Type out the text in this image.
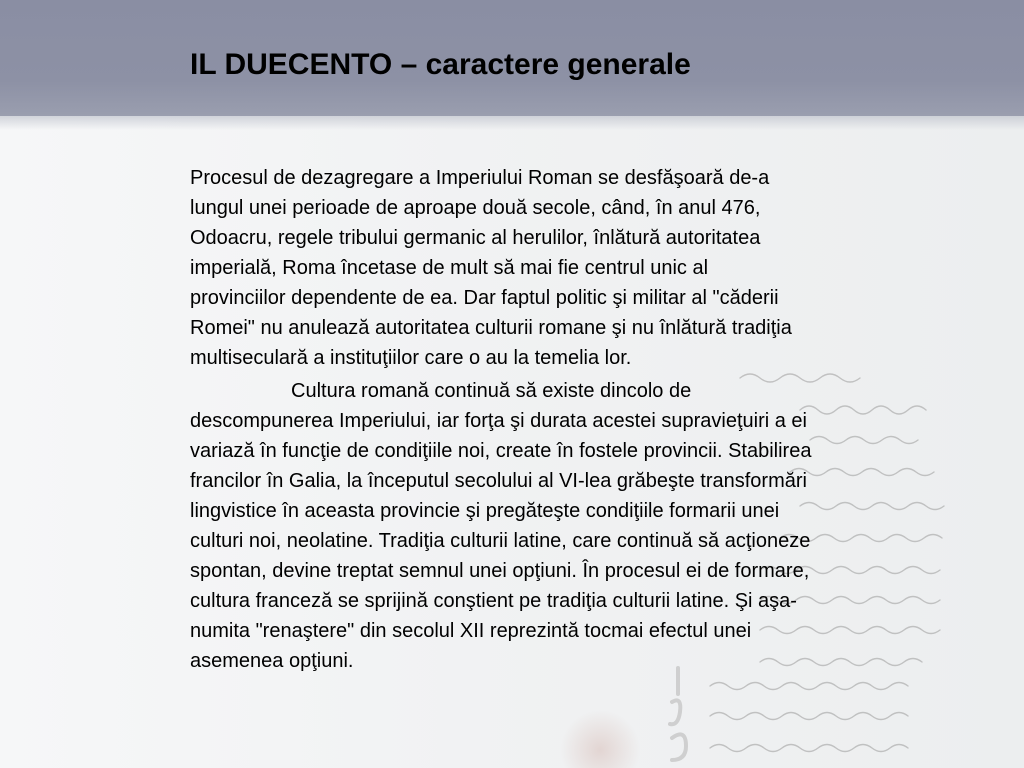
IL DUECENTO – caractere generale

Procesul de dezagregare a Imperiului Roman se desfăşoară de-a
lungul unei perioade de aproape două secole, când, în anul 476,
Odoacru, regele tribului germanic al herulilor, înlătură autoritatea
imperială, Roma încetase de mult să mai fie centrul unic al
provinciilor dependente de ea. Dar faptul politic şi militar al "căderii
Romei" nu anulează autoritatea culturii romane şi nu înlătură tradiţia
multiseculară a instituţiilor care o au la temelia lor.

Cultura romană continuă să existe dincolo de
descompunerea Imperiului, iar forţa şi durata acestei supravieţuiri a ei
variază în funcţie de condiţiile noi, create în fostele provincii. Stabilirea
francilor în Galia, la începutul secolului al VI-lea grăbeşte transformări
lingvistice în aceasta provincie şi pregăteşte condiţiile formarii unei
culturi noi, neolatine. Tradiţia culturii latine, care continuă să acţioneze
spontan, devine treptat semnul unei opţiuni. În procesul ei de formare,
cultura franceză se sprijină conştient pe tradiţia culturii latine. Şi aşa-
numita "renaştere" din secolul XII reprezintă tocmai efectul unei
asemenea opţiuni.
